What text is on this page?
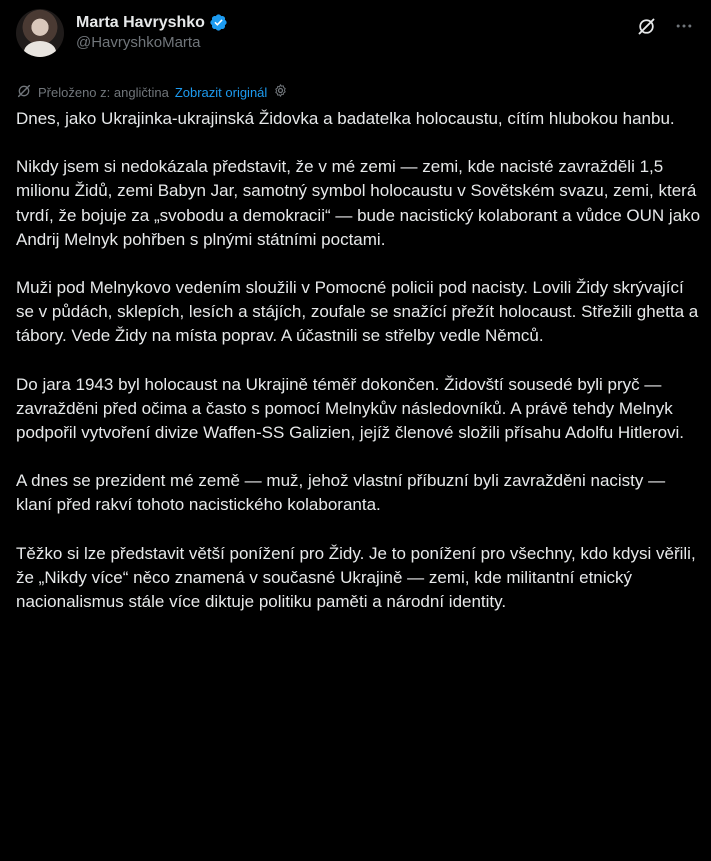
Marta Havryshko
@HavryshkoMarta
Přeloženo z: angličtina Zobrazit originál

Dnes, jako Ukrajinka-ukrajinská Židovka a badatelka holocaustu, cítím hlubokou hanbu.

Nikdy jsem si nedokázala představit, že v mé zemi — zemi, kde nacisté zavraždĕli 1,5 milionu Židů, zemi Babyn Jar, samotný symbol holocaustu v Sovětském svazu, zemi, která tvrdí, že bojuje za „svobodu a demokracii“ — bude nacistický kolaborant a vůdce OUN jako Andrij Melnyk pohřben s plnými státními poctami.

Muži pod Melnykovo vedením sloužili v Pomocné policii pod nacisty. Lovili Židy skrývající se v půdách, sklepích, lesích a stájích, zoufale se snažící přežít holocaust. Střežili ghetta a tábory. Vede Židy na místa poprav. A účastnili se střelby vedle Němců.

Do jara 1943 byl holocaust na Ukrajině téměř dokončen. Židovští sousedé byli pryč — zavražděni před očima a často s pomocí Melnykův následovníků. A právě tehdy Melnyk podpořil vytvoření divize Waffen-SS Galizien, jejíž členové složili přísahu Adolfu Hitlerovi.

A dnes se prezident mé země — muž, jehož vlastní příbuzní byli zavražděni nacisty — klaní před rakví tohoto nacistického kolaboranta.

Těžko si lze představit větší ponížení pro Židy. Je to ponížení pro všechny, kdo kdysi věřili, že „Nikdy více“ něco znamená v současné Ukrajině — zemi, kde militantní etnický nacionalismus stále více diktuje politiku paměti a národní identity.
